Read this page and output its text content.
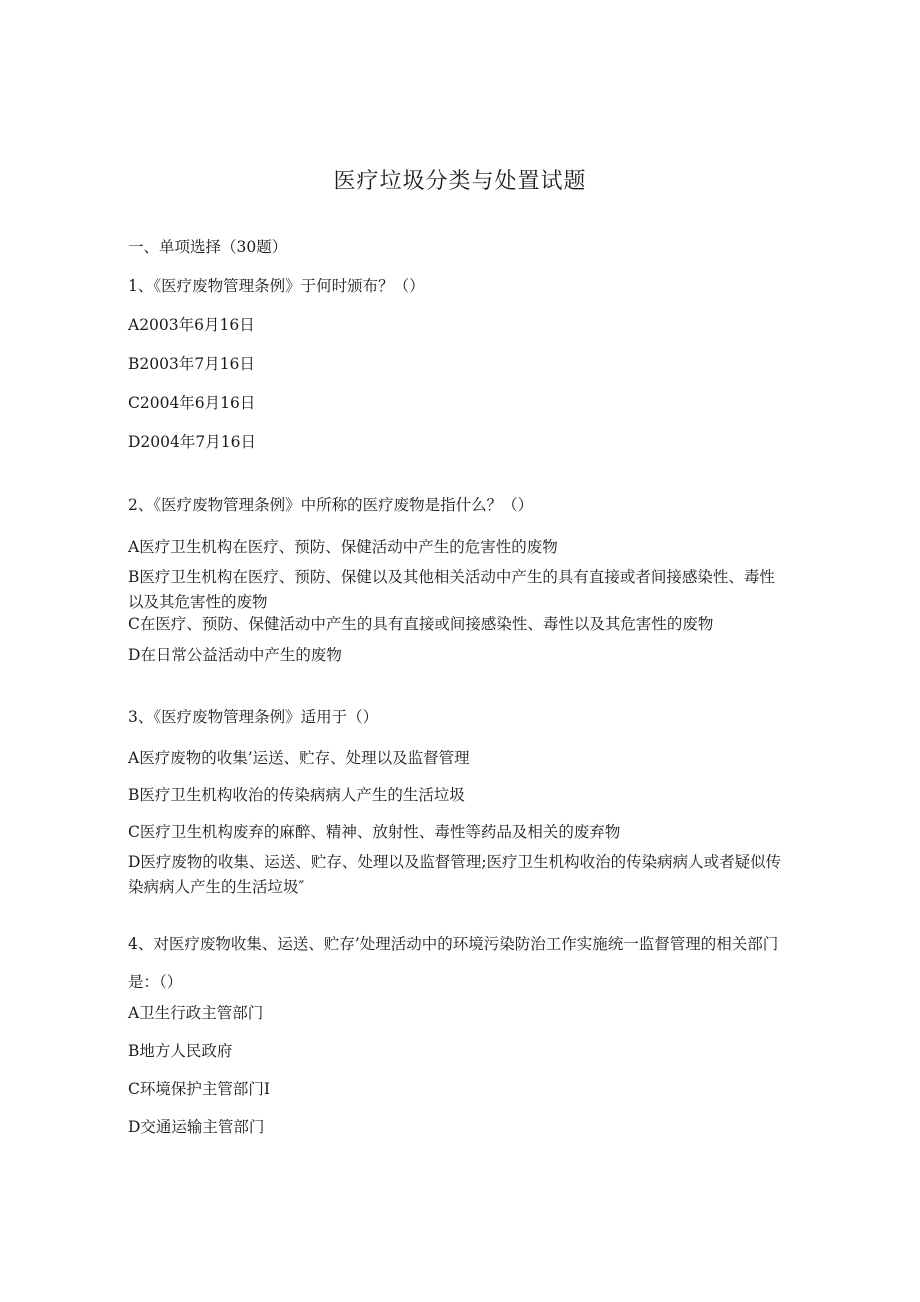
医疗垃圾分类与处置试题
一、单项选择（30题）
1、《医疗废物管理条例》于何时颁布？（）
A2003年6月16日
B2003年7月16日
C2004年6月16日
D2004年7月16日
2、《医疗废物管理条例》中所称的医疗废物是指什么？（）
A医疗卫生机构在医疗、预防、保健活动中产生的危害性的废物
B医疗卫生机构在医疗、预防、保健以及其他相关活动中产生的具有直接或者间接感染性、毒性以及其危害性的废物
C在医疗、预防、保健活动中产生的具有直接或间接感染性、毒性以及其危害性的废物
D在日常公益活动中产生的废物
3、《医疗废物管理条例》适用于（）
A医疗废物的收集’运送、贮存、处理以及监督管理
B医疗卫生机构收治的传染病病人产生的生活垃圾
C医疗卫生机构废弃的麻醉、精神、放射性、毒性等药品及相关的废弃物
D医疗废物的收集、运送、贮存、处理以及监督管理;医疗卫生机构收治的传染病病人或者疑似传染病病人产生的生活垃圾″
4、对医疗废物收集、运送、贮存’处理活动中的环境污染防治工作实施统一监督管理的相关部门是：（）
A卫生行政主管部门
B地方人民政府
C环境保护主管部门I
D交通运输主管部门
